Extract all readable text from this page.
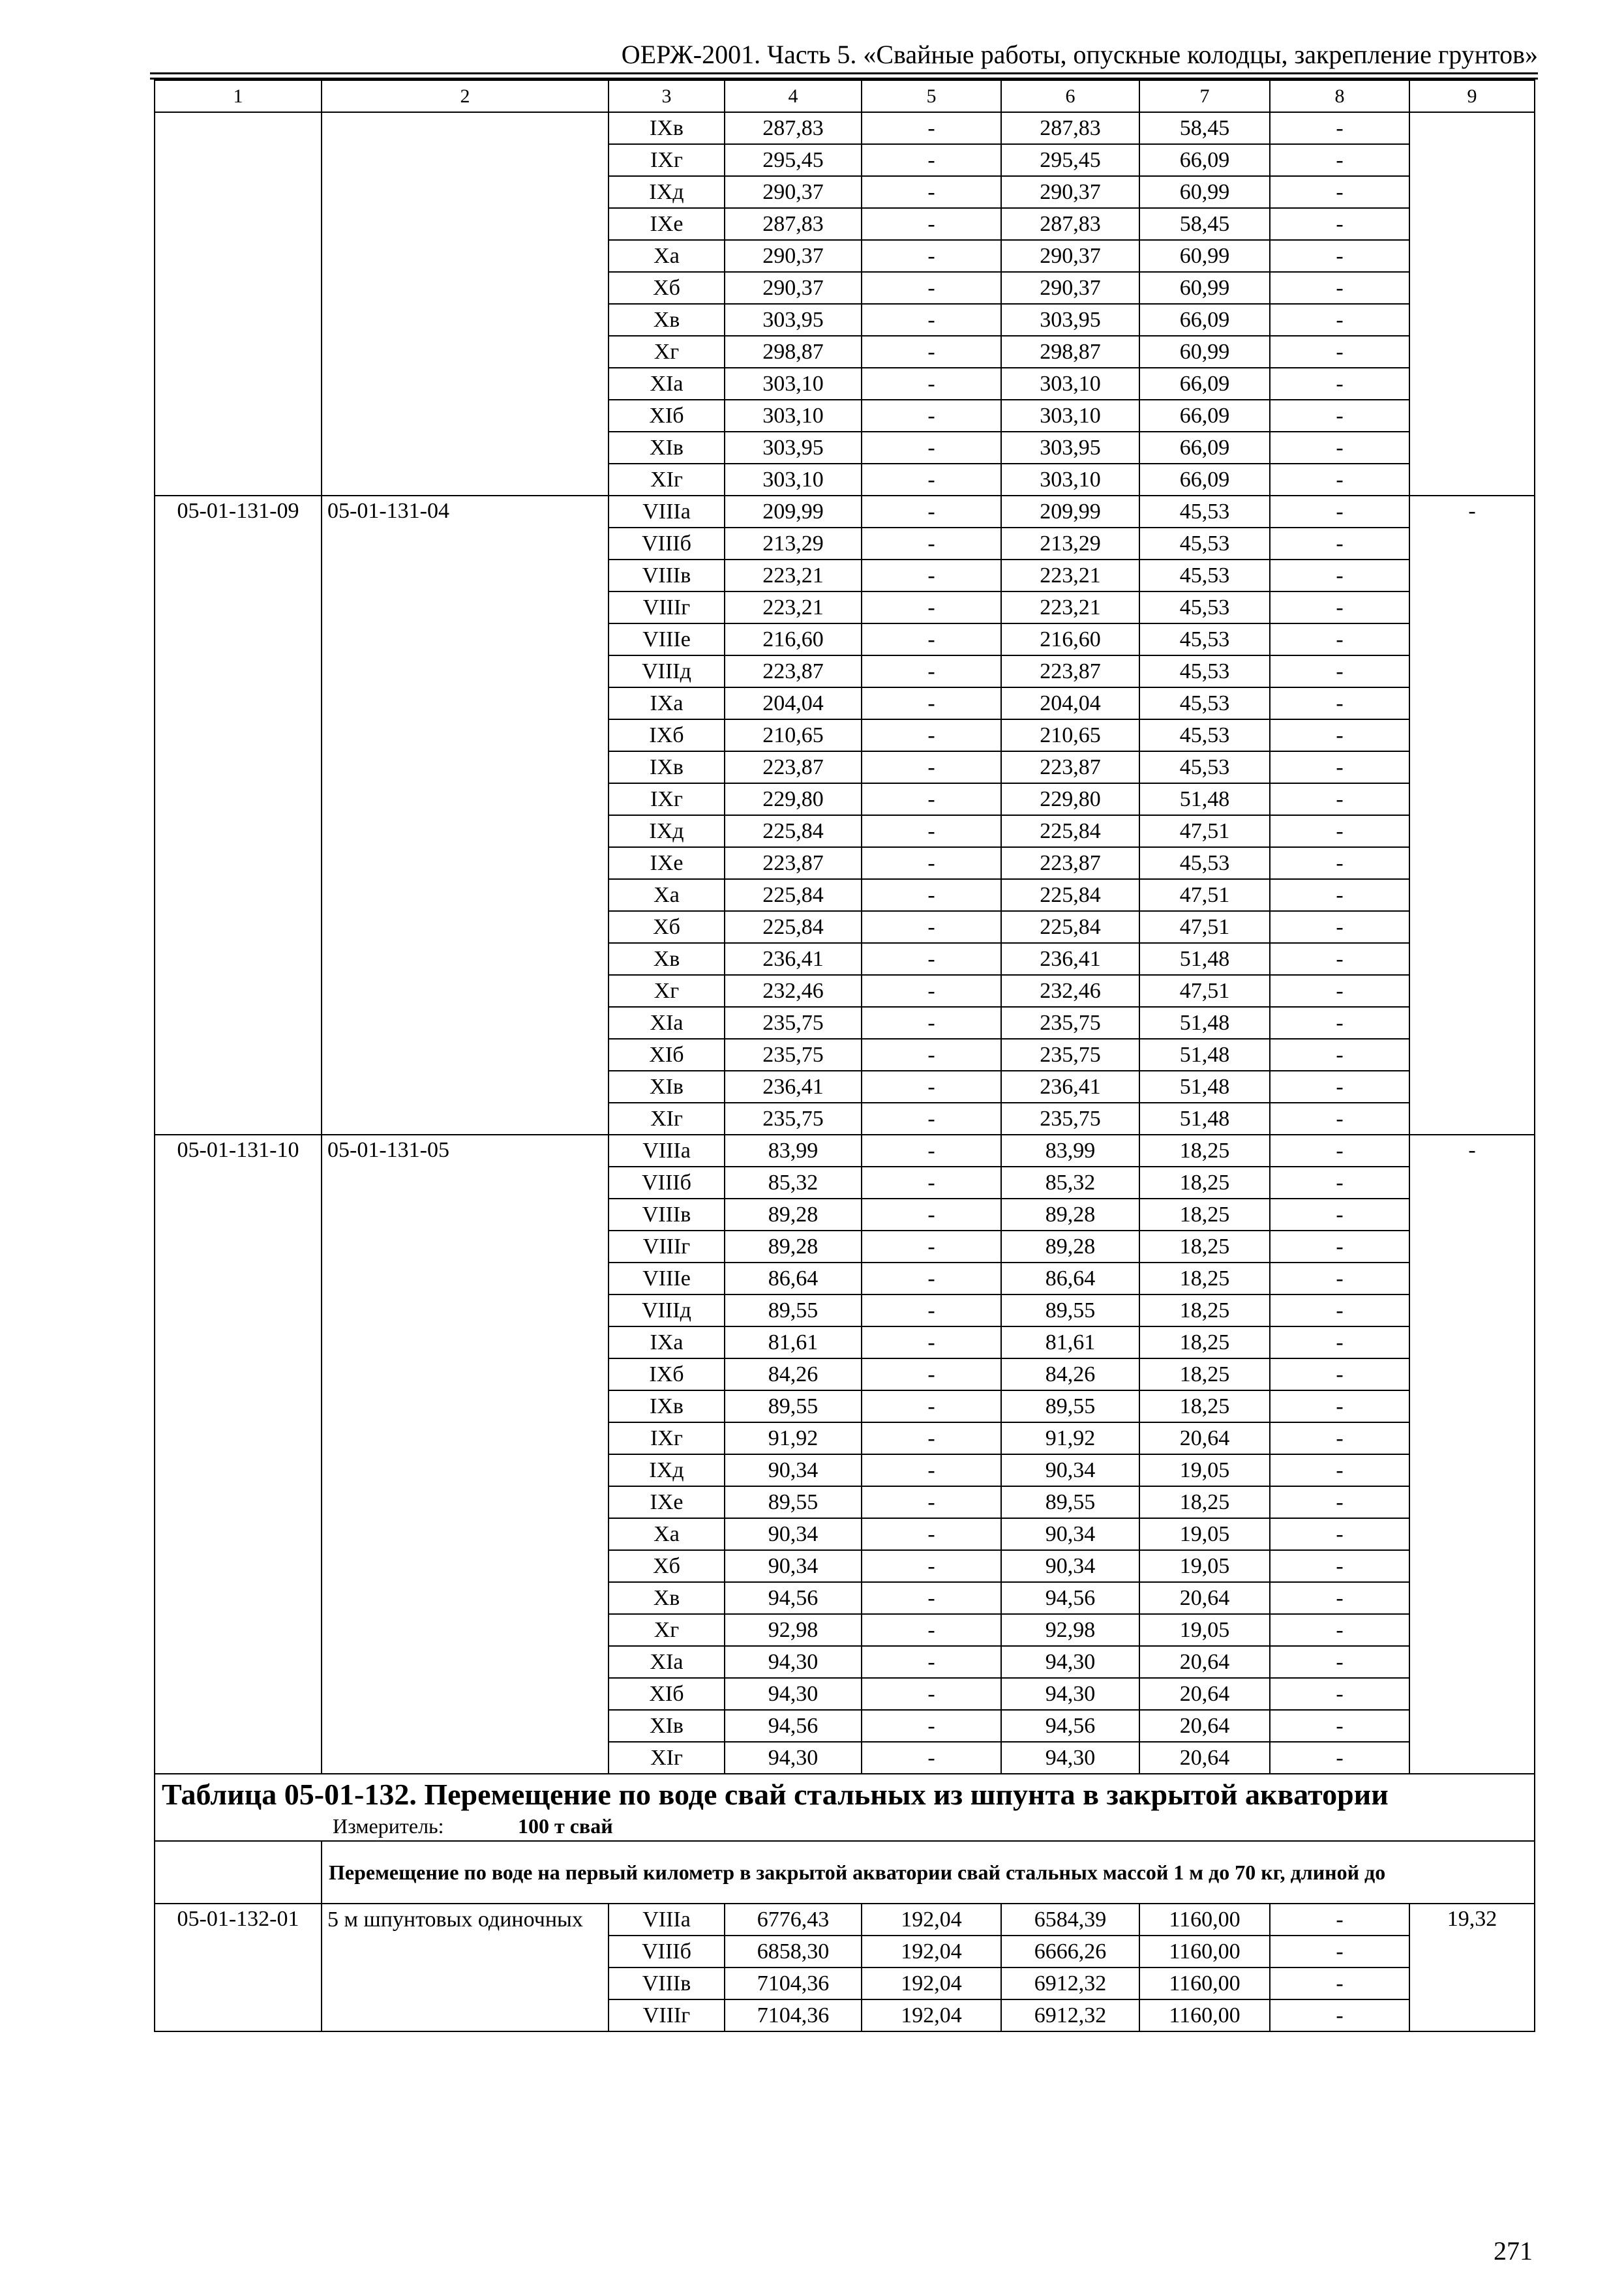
ОЕРЖ-2001. Часть 5. «Свайные работы, опускные колодцы, закрепление грунтов»
1	2	3	4	5	6	7	8	9
		IXв	287,83	-	287,83	58,45	-	
		IXг	295,45	-	295,45	66,09	-	
		IXд	290,37	-	290,37	60,99	-	
		IXе	287,83	-	287,83	58,45	-	
		Xа	290,37	-	290,37	60,99	-	
		Xб	290,37	-	290,37	60,99	-	
		Xв	303,95	-	303,95	66,09	-	
		Xг	298,87	-	298,87	60,99	-	
		XIа	303,10	-	303,10	66,09	-	
		XIб	303,10	-	303,10	66,09	-	
		XIв	303,95	-	303,95	66,09	-	
		XIг	303,10	-	303,10	66,09	-	
05-01-131-09	05-01-131-04	VIIIа	209,99	-	209,99	45,53	-	-
		VIIIб	213,29	-	213,29	45,53	-	
		VIIIв	223,21	-	223,21	45,53	-	
		VIIIг	223,21	-	223,21	45,53	-	
		VIIIе	216,60	-	216,60	45,53	-	
		VIIIд	223,87	-	223,87	45,53	-	
		IXа	204,04	-	204,04	45,53	-	
		IXб	210,65	-	210,65	45,53	-	
		IXв	223,87	-	223,87	45,53	-	
		IXг	229,80	-	229,80	51,48	-	
		IXд	225,84	-	225,84	47,51	-	
		IXе	223,87	-	223,87	45,53	-	
		Xа	225,84	-	225,84	47,51	-	
		Xб	225,84	-	225,84	47,51	-	
		Xв	236,41	-	236,41	51,48	-	
		Xг	232,46	-	232,46	47,51	-	
		XIа	235,75	-	235,75	51,48	-	
		XIб	235,75	-	235,75	51,48	-	
		XIв	236,41	-	236,41	51,48	-	
		XIг	235,75	-	235,75	51,48	-	
05-01-131-10	05-01-131-05	VIIIа	83,99	-	83,99	18,25	-	-
		VIIIб	85,32	-	85,32	18,25	-	
		VIIIв	89,28	-	89,28	18,25	-	
		VIIIг	89,28	-	89,28	18,25	-	
		VIIIе	86,64	-	86,64	18,25	-	
		VIIIд	89,55	-	89,55	18,25	-	
		IXа	81,61	-	81,61	18,25	-	
		IXб	84,26	-	84,26	18,25	-	
		IXв	89,55	-	89,55	18,25	-	
		IXг	91,92	-	91,92	20,64	-	
		IXд	90,34	-	90,34	19,05	-	
		IXе	89,55	-	89,55	18,25	-	
		Xа	90,34	-	90,34	19,05	-	
		Xб	90,34	-	90,34	19,05	-	
		Xв	94,56	-	94,56	20,64	-	
		Xг	92,98	-	92,98	19,05	-	
		XIа	94,30	-	94,30	20,64	-	
		XIб	94,30	-	94,30	20,64	-	
		XIв	94,56	-	94,56	20,64	-	
		XIг	94,30	-	94,30	20,64	-	
Таблица 05-01-132. Перемещение по воде свай стальных из шпунта в закрытой акватории								
Измеритель: 100 т свай								
	Перемещение по воде на первый километр в закрытой акватории свай стальных массой 1 м до 70 кг, длиной до							
05-01-132-01	5 м шпунтовых одиночных	VIIIа	6776,43	192,04	6584,39	1160,00	-	19,32
		VIIIб	6858,30	192,04	6666,26	1160,00	-	
		VIIIв	7104,36	192,04	6912,32	1160,00	-	
		VIIIг	7104,36	192,04	6912,32	1160,00	-	
271
